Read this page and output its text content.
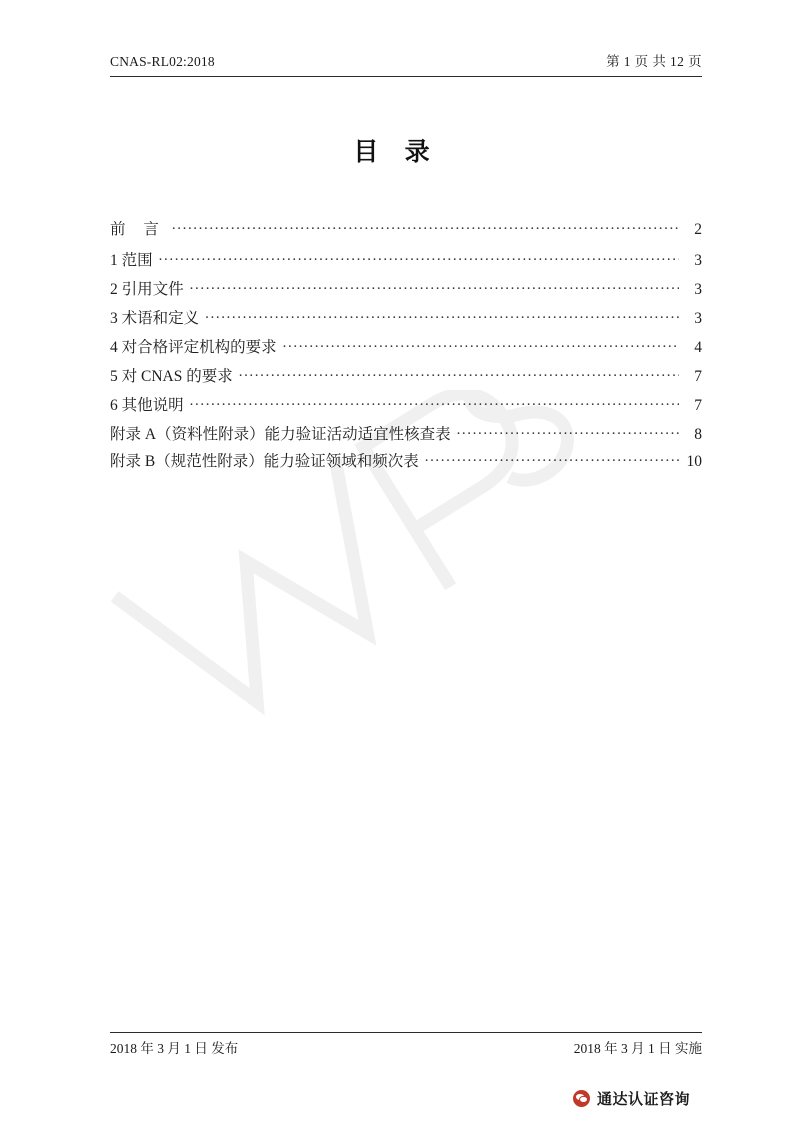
CNAS-RL02:2018	第 1 页 共 12 页
目 录
前 言 .....	2
1 范围 .....	3
2 引用文件 .....	3
3 术语和定义 .....	3
4 对合格评定机构的要求 .....	4
5 对 CNAS 的要求 .....	7
6 其他说明 .....	7
附录 A（资料性附录）能力验证活动适宜性核查表 .....	8
附录 B（规范性附录）能力验证领域和频次表 .....	10
2018 年 3 月 1 日 发布	2018 年 3 月 1 日 实施
通达认证咨询
